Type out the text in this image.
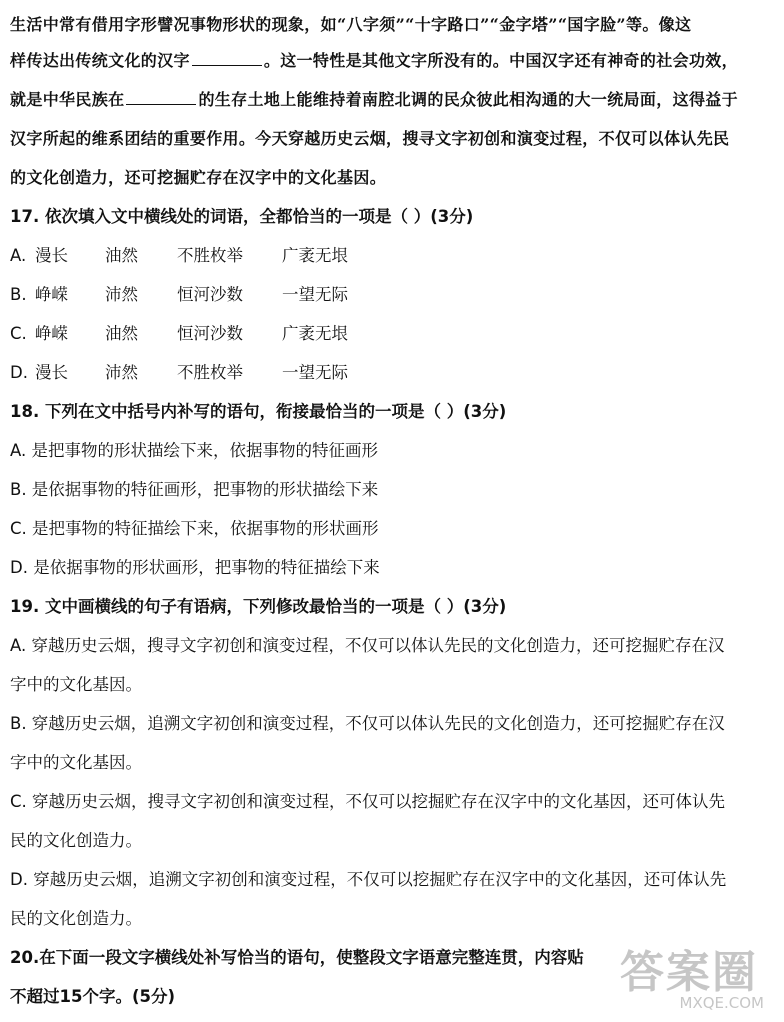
生活中常有借用字形譬况事物形状的现象，如“八字须”“十字路口”“金字塔”“国字脸”等。像这
样传达出传统文化的汉字	。这一特性是其他文字所没有的。中国汉字还有神奇的社会功效，
就是中华民族在	的生存土地上能维持着南腔北调的民众彼此相沟通的大一统局面，这得益于
汉字所起的维系团结的重要作用。今天穿越历史云烟，搜寻文字初创和演变过程，不仅可以体认先民
的文化创造力，还可挖掘贮存在汉字中的文化基因。
17. 依次填入文中横线处的词语，全都恰当的一项是（ ）(3分)
A. 漫长 油然 不胜枚举 广袤无垠
B. 峥嵘 沛然 恒河沙数 一望无际
C. 峥嵘 油然 恒河沙数 广袤无垠
D. 漫长 沛然 不胜枚举 一望无际
18. 下列在文中括号内补写的语句，衔接最恰当的一项是（ ）(3分)
A. 是把事物的形状描绘下来，依据事物的特征画形
B. 是依据事物的特征画形，把事物的形状描绘下来
C. 是把事物的特征描绘下来，依据事物的形状画形
D. 是依据事物的形状画形，把事物的特征描绘下来
19. 文中画横线的句子有语病，下列修改最恰当的一项是（ ）(3分)
A. 穿越历史云烟，搜寻文字初创和演变过程，不仅可以体认先民的文化创造力，还可挖掘贮存在汉
字中的文化基因。
B. 穿越历史云烟，追溯文字初创和演变过程，不仅可以体认先民的文化创造力，还可挖掘贮存在汉
字中的文化基因。
C. 穿越历史云烟，搜寻文字初创和演变过程，不仅可以挖掘贮存在汉字中的文化基因，还可体认先
民的文化创造力。
D. 穿越历史云烟，追溯文字初创和演变过程，不仅可以挖掘贮存在汉字中的文化基因，还可体认先
民的文化创造力。
20.在下面一段文字横线处补写恰当的语句，使整段文字语意完整连贯，内容贴
不超过15个字。(5分)	答案圈
MXQE.COM
